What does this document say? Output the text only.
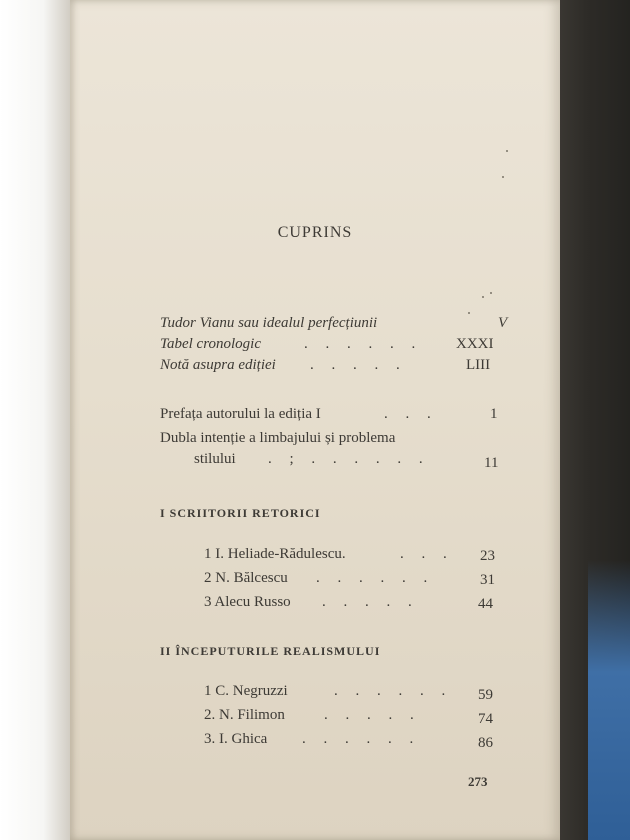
CUPRINS
Tudor Vianu sau idealul perfecțiunii	V
Tabel cronologic	. . . . . . XXXI
Notă asupra ediției . . . . .	LIII
Prefața autorului la ediția I	. . .	1
Dubla intenție a limbajului și problema
stilului . ; . . . . . .	11
I SCRIITORII RETORICI
1 I. Heliade-Rădulescu.	. . . 23
2 N. Bălcescu . . . . . .	31
3 Alecu Russo . . . . .	44
II ÎNCEPUTURILE REALISMULUI
1 C. Negruzzi	. . . . . . 59
2. N. Filimon	. . . . .	74
3. I. Ghica . . . . . .	86
273
